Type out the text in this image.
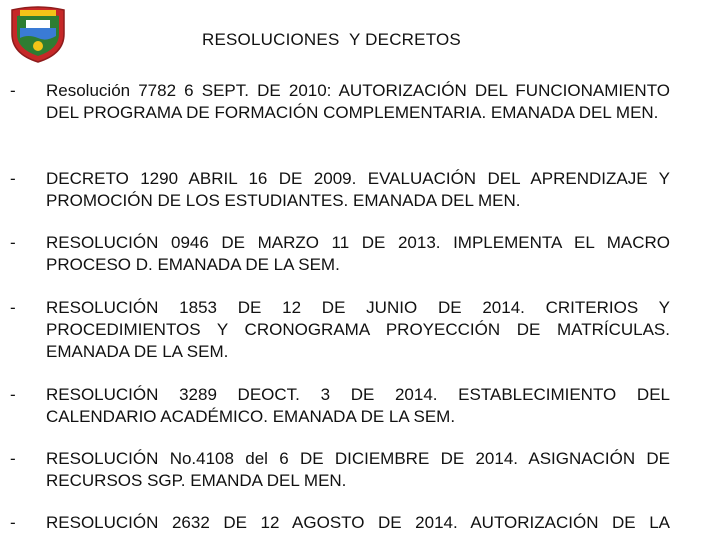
RESOLUCIONES  Y DECRETOS
-	Resolución 7782 6 SEPT. DE 2010: AUTORIZACIÓN DEL FUNCIONAMIENTO DEL PROGRAMA DE FORMACIÓN COMPLEMENTARIA. EMANADA DEL MEN.
-	DECRETO 1290 ABRIL 16 DE 2009. EVALUACIÓN DEL APRENDIZAJE Y PROMOCIÓN DE LOS ESTUDIANTES. EMANADA DEL MEN.
-	RESOLUCIÓN 0946 DE MARZO 11 DE 2013. IMPLEMENTA EL MACRO PROCESO D. EMANADA DE LA SEM.
-	RESOLUCIÓN 1853 DE 12 DE JUNIO DE 2014. CRITERIOS Y PROCEDIMIENTOS Y CRONOGRAMA PROYECCIÓN DE MATRÍCULAS. EMANADA DE LA SEM.
-	RESOLUCIÓN 3289 DEOCT. 3 DE 2014. ESTABLECIMIENTO DEL CALENDARIO ACADÉMICO. EMANADA DE LA SEM.
-	RESOLUCIÓN No.4108 del 6 DE DICIEMBRE DE 2014. ASIGNACIÓN DE RECURSOS SGP. EMANDA DEL MEN.
-	RESOLUCIÓN 2632 DE 12 AGOSTO DE 2014. AUTORIZACIÓN DE LA
